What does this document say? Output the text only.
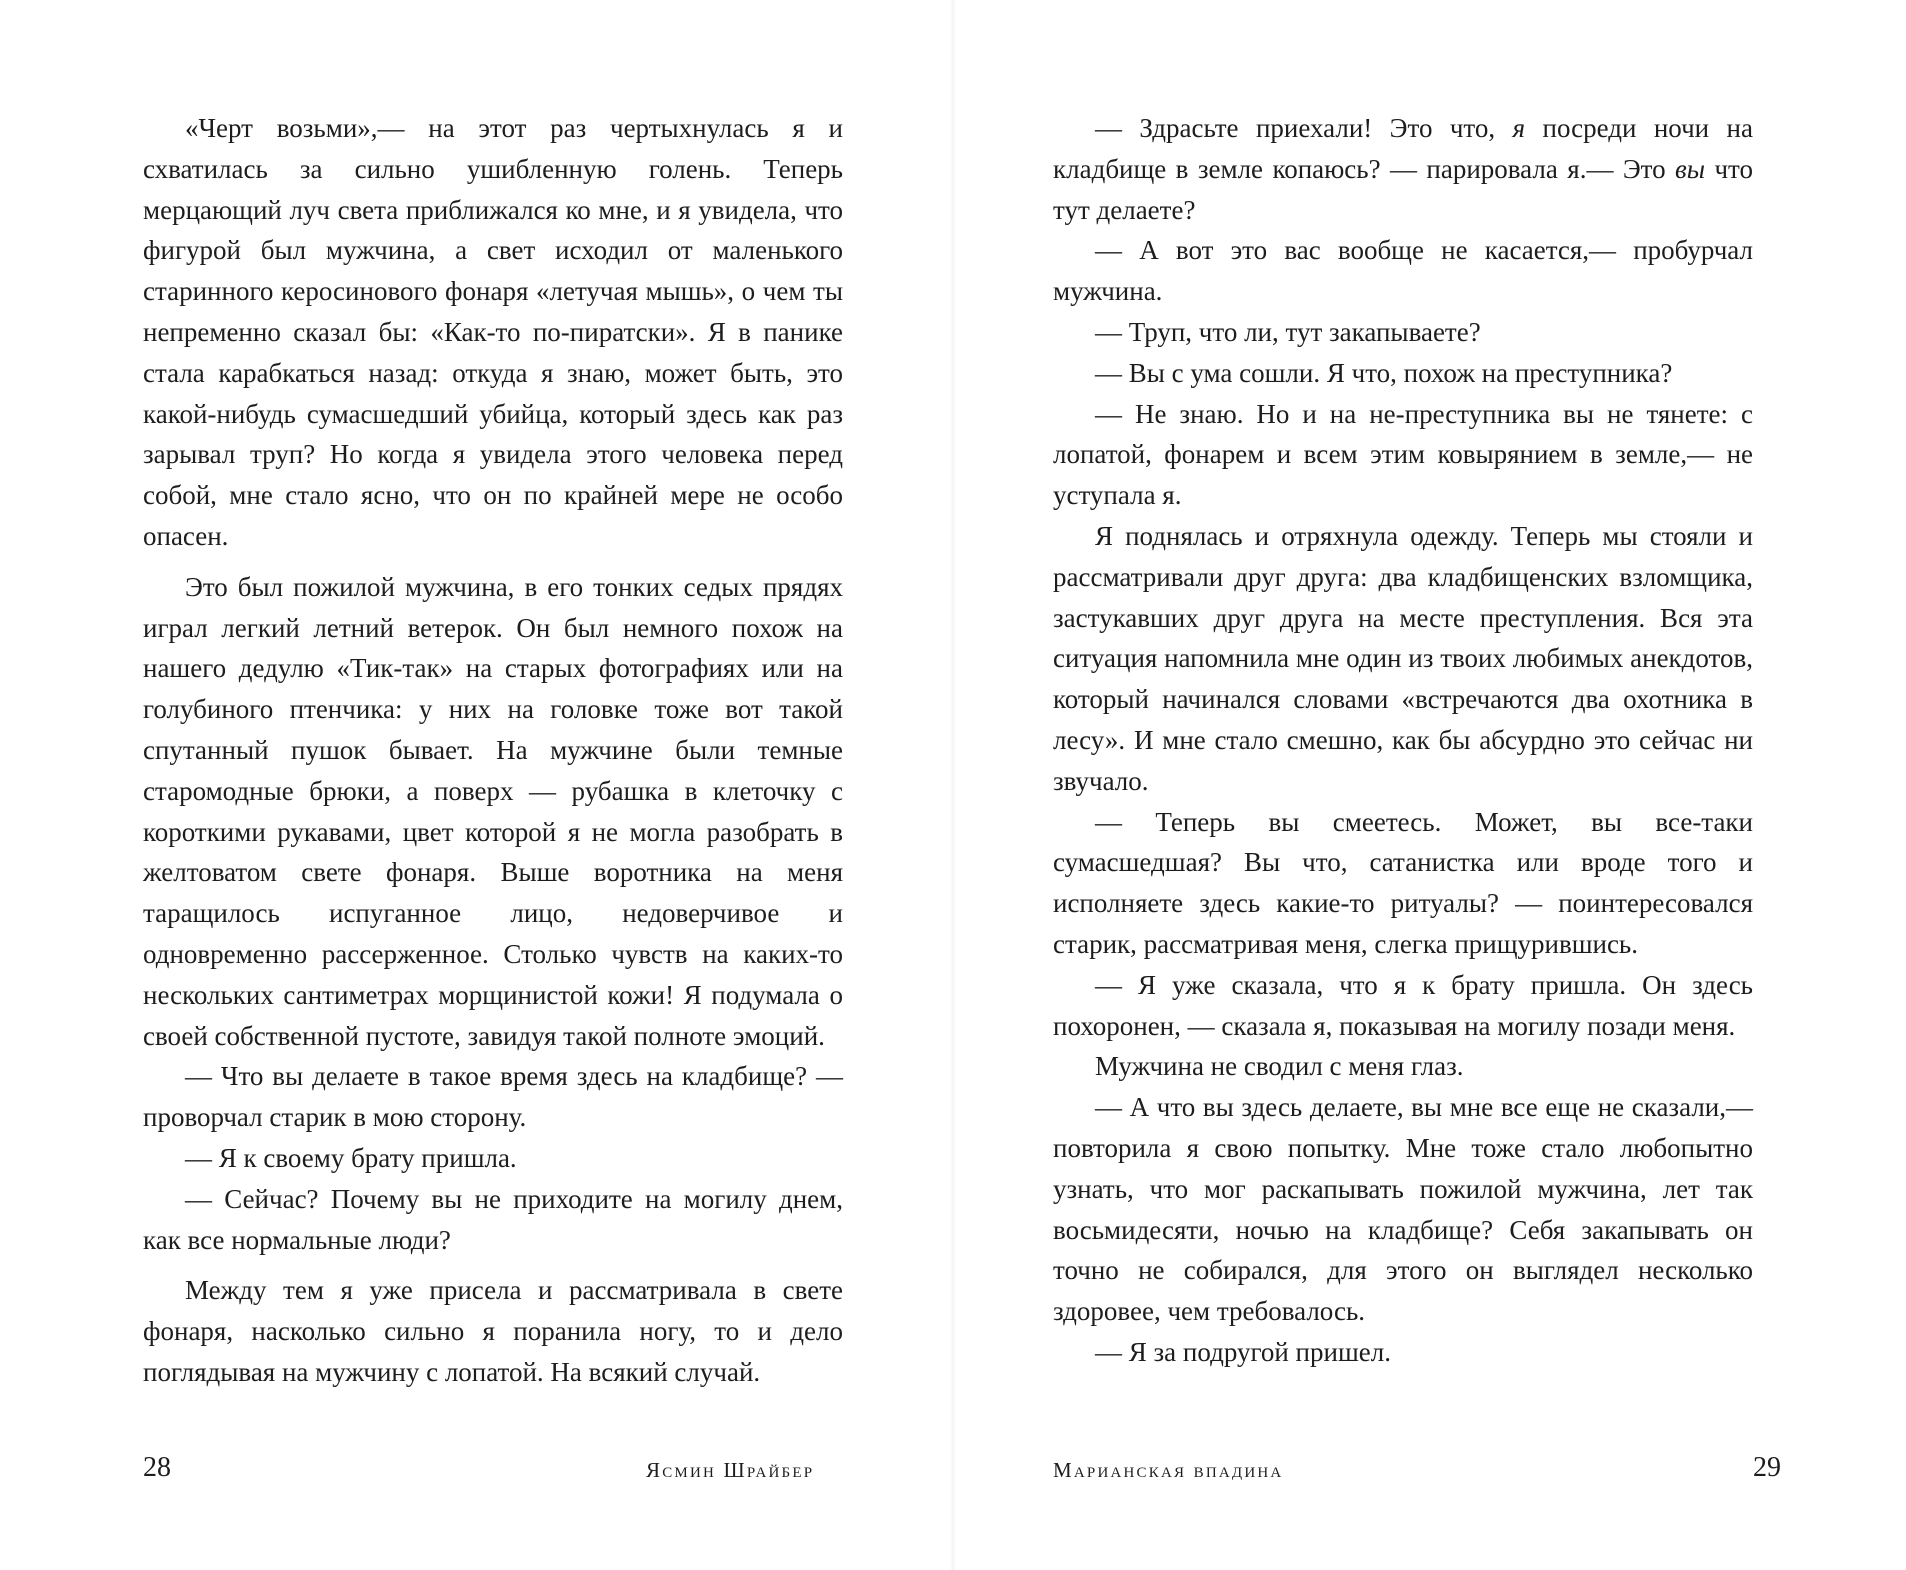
«Черт возьми»,— на этот раз чертыхнулась я и схватилась за сильно ушибленную голень. Теперь мерцающий луч света приближался ко мне, и я увидела, что фигурой был мужчина, а свет исходил от маленького старинного керосинового фонаря «летучая мышь», о чем ты непременно сказал бы: «Как-то по-пиратски». Я в панике стала карабкаться назад: откуда я знаю, может быть, это какой-нибудь сумасшедший убийца, который здесь как раз зарывал труп? Но когда я увидела этого человека перед собой, мне стало ясно, что он по крайней мере не особо опасен.

Это был пожилой мужчина, в его тонких седых прядях играл легкий летний ветерок. Он был немного похож на нашего дедулю «Тик-так» на старых фотографиях или на голубиного птенчика: у них на головке тоже вот такой спутанный пушок бывает. На мужчине были темные старомодные брюки, а поверх — рубашка в клеточку с короткими рукавами, цвет которой я не могла разобрать в желтоватом свете фонаря. Выше воротника на меня таращилось испуганное лицо, недоверчивое и одновременно рассерженное. Столько чувств на каких-то нескольких сантиметрах морщинистой кожи! Я подумала о своей собственной пустоте, завидуя такой полноте эмоций.

— Что вы делаете в такое время здесь на кладбище? — проворчал старик в мою сторону.

— Я к своему брату пришла.

— Сейчас? Почему вы не приходите на могилу днем, как все нормальные люди?

Между тем я уже присела и рассматривала в свете фонаря, насколько сильно я поранила ногу, то и дело поглядывая на мужчину с лопатой. На всякий случай.

28	Ясмин Шрайбер

— Здрасьте приехали! Это что, я посреди ночи на кладбище в земле копаюсь? — парировала я.— Это вы что тут делаете?

— А вот это вас вообще не касается,— пробурчал мужчина.

— Труп, что ли, тут закапываете?

— Вы с ума сошли. Я что, похож на преступника?

— Не знаю. Но и на не-преступника вы не тянете: с лопатой, фонарем и всем этим ковырянием в земле,— не уступала я.

Я поднялась и отряхнула одежду. Теперь мы стояли и рассматривали друг друга: два кладбищенских взломщика, застукавших друг друга на месте преступления. Вся эта ситуация напомнила мне один из твоих любимых анекдотов, который начинался словами «встречаются два охотника в лесу». И мне стало смешно, как бы абсурдно это сейчас ни звучало.

— Теперь вы смеетесь. Может, вы все-таки сумасшедшая? Вы что, сатанистка или вроде того и исполняете здесь какие-то ритуалы? — поинтересовался старик, рассматривая меня, слегка прищурившись.

— Я уже сказала, что я к брату пришла. Он здесь похоронен, — сказала я, показывая на могилу позади меня.

Мужчина не сводил с меня глаз.

— А что вы здесь делаете, вы мне все еще не сказали,— повторила я свою попытку. Мне тоже стало любопытно узнать, что мог раскапывать пожилой мужчина, лет так восьмидесяти, ночью на кладбище? Себя закапывать он точно не собирался, для этого он выглядел несколько здоровее, чем требовалось.

— Я за подругой пришел.

Марианская впадина	29
